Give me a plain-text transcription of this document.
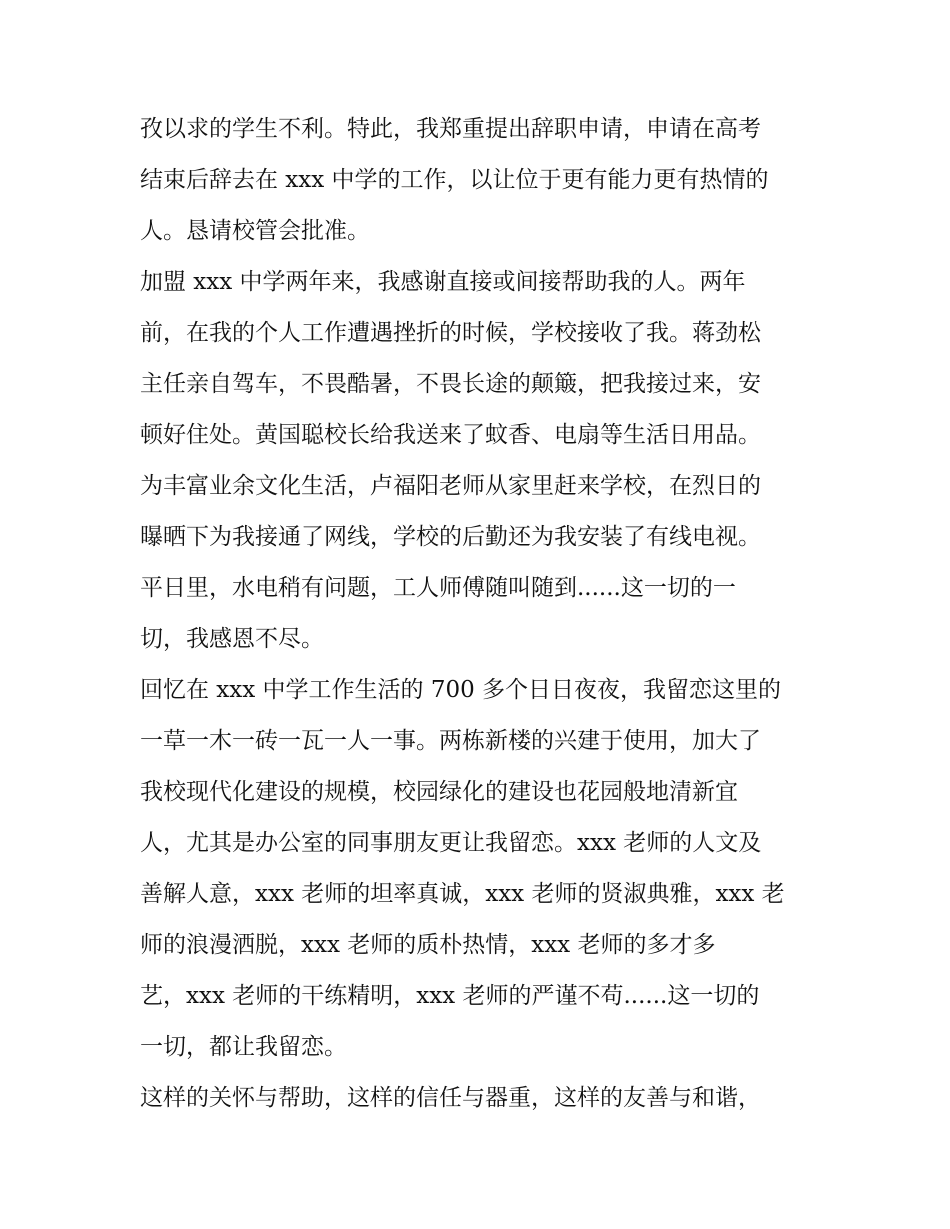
孜以求的学生不利。特此，我郑重提出辞职申请，申请在高考
结束后辞去在 xxx 中学的工作，以让位于更有能力更有热情的
人。恳请校管会批准。
加盟 xxx 中学两年来，我感谢直接或间接帮助我的人。两年
前，在我的个人工作遭遇挫折的时候，学校接收了我。蒋劲松
主任亲自驾车，不畏酷暑，不畏长途的颠簸，把我接过来，安
顿好住处。黄国聪校长给我送来了蚊香、电扇等生活日用品。
为丰富业余文化生活，卢福阳老师从家里赶来学校，在烈日的
曝晒下为我接通了网线，学校的后勤还为我安装了有线电视。
平日里，水电稍有问题，工人师傅随叫随到......这一切的一
切，我感恩不尽。
回忆在 xxx 中学工作生活的 700 多个日日夜夜，我留恋这里的
一草一木一砖一瓦一人一事。两栋新楼的兴建于使用，加大了
我校现代化建设的规模，校园绿化的建设也花园般地清新宜
人，尤其是办公室的同事朋友更让我留恋。xxx 老师的人文及
善解人意，xxx 老师的坦率真诚，xxx 老师的贤淑典雅，xxx 老
师的浪漫洒脱，xxx 老师的质朴热情，xxx 老师的多才多
艺，xxx 老师的干练精明，xxx 老师的严谨不苟......这一切的
一切，都让我留恋。
这样的关怀与帮助，这样的信任与器重，这样的友善与和谐，
